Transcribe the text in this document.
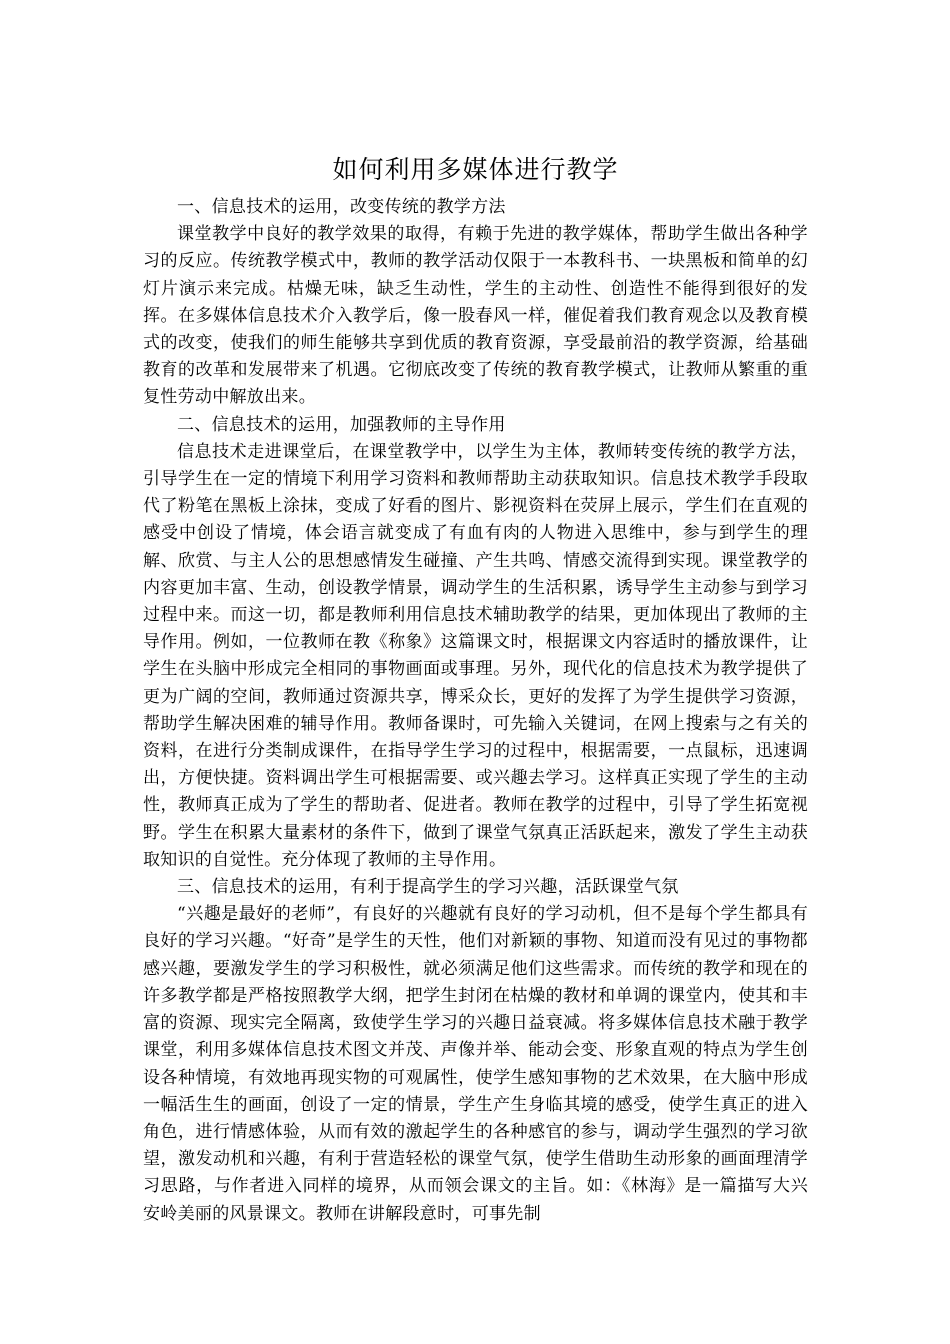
如何利用多媒体进行教学

一、信息技术的运用，改变传统的教学方法

课堂教学中良好的教学效果的取得，有赖于先进的教学媒体，帮助学生做出各种学习的反应。传统教学模式中，教师的教学活动仅限于一本教科书、一块黑板和简单的幻灯片演示来完成。枯燥无味，缺乏生动性，学生的主动性、创造性不能得到很好的发挥。在多媒体信息技术介入教学后，像一股春风一样，催促着我们教育观念以及教育模式的改变，使我们的师生能够共享到优质的教育资源，享受最前沿的教学资源，给基础教育的改革和发展带来了机遇。它彻底改变了传统的教育教学模式，让教师从繁重的重复性劳动中解放出来。

二、信息技术的运用，加强教师的主导作用

信息技术走进课堂后，在课堂教学中，以学生为主体，教师转变传统的教学方法，引导学生在一定的情境下利用学习资料和教师帮助主动获取知识。信息技术教学手段取代了粉笔在黑板上涂抹，变成了好看的图片、影视资料在荧屏上展示，学生们在直观的感受中创设了情境，体会语言就变成了有血有肉的人物进入思维中，参与到学生的理解、欣赏、与主人公的思想感情发生碰撞、产生共鸣、情感交流得到实现。课堂教学的内容更加丰富、生动，创设教学情景，调动学生的生活积累，诱导学生主动参与到学习过程中来。而这一切，都是教师利用信息技术辅助教学的结果，更加体现出了教师的主导作用。例如，一位教师在教《称象》这篇课文时，根据课文内容适时的播放课件，让学生在头脑中形成完全相同的事物画面或事理。另外，现代化的信息技术为教学提供了更为广阔的空间，教师通过资源共享，博采众长，更好的发挥了为学生提供学习资源，帮助学生解决困难的辅导作用。教师备课时，可先输入关键词，在网上搜索与之有关的资料，在进行分类制成课件，在指导学生学习的过程中，根据需要，一点鼠标，迅速调出，方便快捷。资料调出学生可根据需要、或兴趣去学习。这样真正实现了学生的主动性，教师真正成为了学生的帮助者、促进者。教师在教学的过程中，引导了学生拓宽视野。学生在积累大量素材的条件下，做到了课堂气氛真正活跃起来，激发了学生主动获取知识的自觉性。充分体现了教师的主导作用。

三、信息技术的运用，有利于提高学生的学习兴趣，活跃课堂气氛

“兴趣是最好的老师”，有良好的兴趣就有良好的学习动机，但不是每个学生都具有良好的学习兴趣。“好奇”是学生的天性，他们对新颖的事物、知道而没有见过的事物都感兴趣，要激发学生的学习积极性，就必须满足他们这些需求。而传统的教学和现在的许多教学都是严格按照教学大纲，把学生封闭在枯燥的教材和单调的课堂内，使其和丰富的资源、现实完全隔离，致使学生学习的兴趣日益衰减。将多媒体信息技术融于教学课堂，利用多媒体信息技术图文并茂、声像并举、能动会变、形象直观的特点为学生创设各种情境，有效地再现实物的可观属性，使学生感知事物的艺术效果，在大脑中形成一幅活生生的画面，创设了一定的情景，学生产生身临其境的感受，使学生真正的进入角色，进行情感体验，从而有效的激起学生的各种感官的参与，调动学生强烈的学习欲望，激发动机和兴趣，有利于营造轻松的课堂气氛，使学生借助生动形象的画面理清学习思路，与作者进入同样的境界，从而领会课文的主旨。如：《林海》是一篇描写大兴安岭美丽的风景课文。教师在讲解段意时，可事先制
